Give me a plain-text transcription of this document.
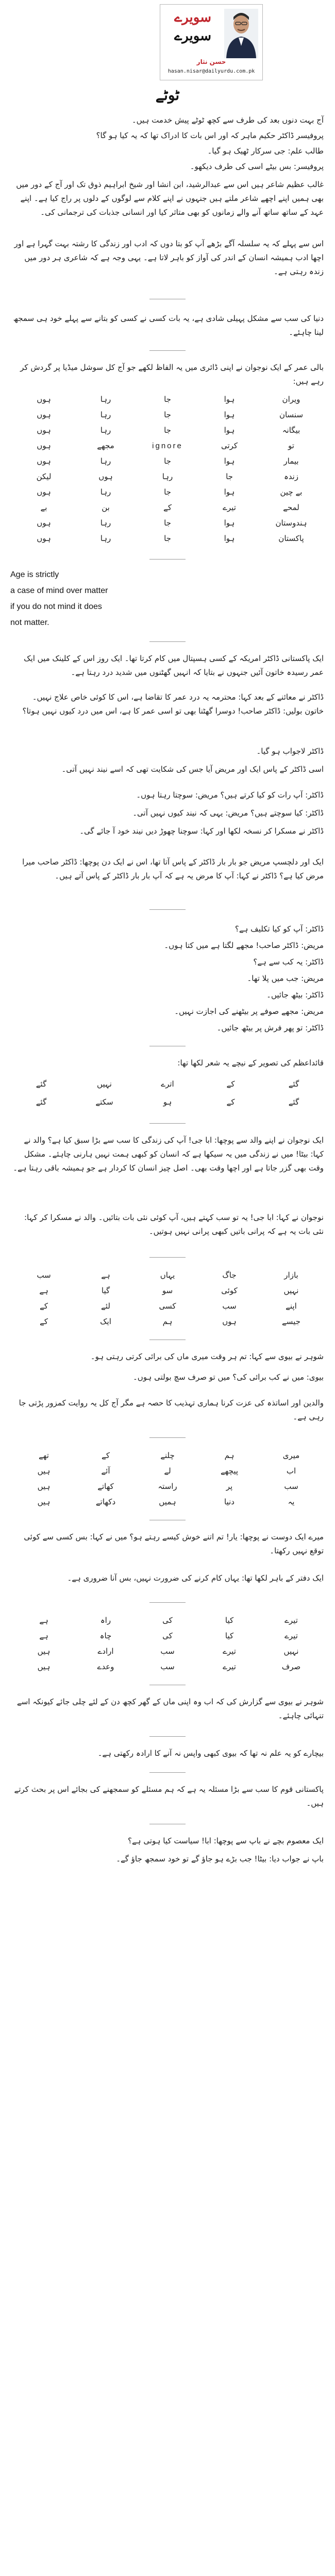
سویرے
سویرے
حسن نثار
hasan.nisar@dailyurdu.com.pk
ٹوٹے

آج بہت دنوں بعد کی طرف سے کچھ ٹوٹے پیش خدمت ہیں۔

پروفیسر ڈاکٹر حکیم ماہر کہ اور اس بات کا ادراک تھا کہ یہ کیا ہو گا؟

طالب علم: جی سرکار ٹھیک ہو گیا۔

پروفیسر: بس بیٹے اسی کی طرف دیکھو۔

غالب عظیم شاعر ہیں اس سے عبدالرشید، ابن انشا اور شیخ ابراہیم ذوق تک اور آج کے دور میں بھی ہمیں اپنے اچھے شاعر ملتے ہیں جنہوں نے اپنے کلام سے لوگوں کے دلوں پر راج کیا ہے۔ اپنے عہد کے ساتھ ساتھ آنے والے زمانوں کو بھی متاثر کیا اور انسانی جذبات کی ترجمانی کی۔

اس سے پہلے کہ یہ سلسلہ آگے بڑھے آپ کو بتا دوں کہ ادب اور زندگی کا رشتہ بہت گہرا ہے اور اچھا ادب ہمیشہ انسان کے اندر کی آواز کو باہر لاتا ہے۔ یہی وجہ ہے کہ شاعری ہر دور میں زندہ رہتی ہے۔

دنیا کی سب سے مشکل پہیلی شادی ہے، یہ بات کسی نے کسی کو بتانے سے پہلے خود ہی سمجھ لینا چاہئے۔

بالی عمر کے ایک نوجوان نے اپنی ڈائری میں یہ الفاظ لکھے جو آج کل سوشل میڈیا پر گردش کر رہے ہیں:

ویران
ہوا
جا
رہا
ہوں
سنسان
ہوا
جا
رہا
ہوں
بیگانہ
ہوا
جا
رہا
ہوں
تو
کرتی
ignore
مجھے
ہوں
بیمار
ہوا
جا
رہا
ہوں
زندہ
جا
رہا
ہوں
لیکن
بے چین
ہوا
جا
رہا
ہوں
لمحے
تیرے
کے
بن
بے
ہندوستان
ہوا
جا
رہا
ہوں
پاکستان
ہوا
جا
رہا
ہوں
Age is strictly
a case of mind over matter
if you do not mind it does
not matter.

ایک پاکستانی ڈاکٹر امریکہ کے کسی ہسپتال میں کام کرتا تھا۔ ایک روز اس کے کلینک میں ایک عمر رسیدہ خاتون آئیں جنہوں نے بتایا کہ انہیں گھٹنوں میں شدید درد رہتا ہے۔

ڈاکٹر نے معائنے کے بعد کہا: محترمہ یہ درد عمر کا تقاضا ہے، اس کا کوئی خاص علاج نہیں۔ خاتون بولیں: ڈاکٹر صاحب! دوسرا گھٹنا بھی تو اسی عمر کا ہے، اس میں درد کیوں نہیں ہوتا؟

ڈاکٹر لاجواب ہو گیا۔

اسی ڈاکٹر کے پاس ایک اور مریض آیا جس کی شکایت تھی کہ اسے نیند نہیں آتی۔

ڈاکٹر: آپ رات کو کیا کرتے ہیں؟ مریض: سوچتا رہتا ہوں۔

ڈاکٹر: کیا سوچتے ہیں؟ مریض: یہی کہ نیند کیوں نہیں آتی۔

ڈاکٹر نے مسکرا کر نسخہ لکھا اور کہا: سوچنا چھوڑ دیں نیند خود آ جائے گی۔

ایک اور دلچسپ مریض جو بار بار ڈاکٹر کے پاس آتا تھا، اس نے ایک دن پوچھا: ڈاکٹر صاحب میرا مرض کیا ہے؟ ڈاکٹر نے کہا: آپ کا مرض یہ ہے کہ آپ بار بار ڈاکٹر کے پاس آتے ہیں۔

ڈاکٹر: آپ کو کیا تکلیف ہے؟

مریض: ڈاکٹر صاحب! مجھے لگتا ہے میں کتا ہوں۔

ڈاکٹر: یہ کب سے ہے؟

مریض: جب میں پلا تھا۔

ڈاکٹر: بیٹھ جائیں۔

مریض: مجھے صوفے پر بیٹھنے کی اجازت نہیں۔

ڈاکٹر: تو پھر فرش پر بیٹھ جائیں۔

قائداعظم کی تصویر کے نیچے یہ شعر لکھا تھا:

گئے
کے
اترے
نہیں
گئے
گئے
کے
ہو
سکتے
گئے

ایک نوجوان نے اپنے والد سے پوچھا: ابا جی! آپ کی زندگی کا سب سے بڑا سبق کیا ہے؟ والد نے کہا: بیٹا! میں نے زندگی میں یہ سیکھا ہے کہ انسان کو کبھی ہمت نہیں ہارنی چاہئے۔ مشکل وقت بھی گزر جاتا ہے اور اچھا وقت بھی۔ اصل چیز انسان کا کردار ہے جو ہمیشہ باقی رہتا ہے۔

نوجوان نے کہا: ابا جی! یہ تو سب کہتے ہیں، آپ کوئی نئی بات بتائیں۔ والد نے مسکرا کر کہا: نئی بات یہ ہے کہ پرانی باتیں کبھی پرانی نہیں ہوتیں۔

بازار
جاگ
یہاں
ہے
سب
نہیں
کوئی
سو
گیا
ہے
اپنے
سب
کسی
لئے
کے
جیسے
ہوں
ہم
ایک
کے

شوہر نے بیوی سے کہا: تم ہر وقت میری ماں کی برائی کرتی رہتی ہو۔

بیوی: میں نے کب برائی کی؟ میں تو صرف سچ بولتی ہوں۔

والدین اور اساتذہ کی عزت کرنا ہماری تہذیب کا حصہ ہے مگر آج کل یہ روایت کمزور پڑتی جا رہی ہے۔

میری
ہم
چلنے
کے
تھے
اب
پیچھے
لے
آئے
ہیں
سب
پر
راستہ
کھاتے
ہیں
یہ
دنیا
ہمیں
دکھاتے
ہیں

میرے ایک دوست نے پوچھا: یار! تم اتنے خوش کیسے رہتے ہو؟ میں نے کہا: بس کسی سے کوئی توقع نہیں رکھتا۔

ایک دفتر کے باہر لکھا تھا: یہاں کام کرنے کی ضرورت نہیں، بس آنا ضروری ہے۔

تیرے
کیا
کی
راہ
ہے
تیرے
کیا
کی
چاہ
ہے
نہیں
تیرے
سب
ارادے
ہیں
صرف
تیرے
سب
وعدے
ہیں

شوہر نے بیوی سے گزارش کی کہ اب وہ اپنی ماں کے گھر کچھ دن کے لئے چلی جائے کیونکہ اسے تنہائی چاہئے۔

بیچارے کو یہ علم نہ تھا کہ بیوی کبھی واپس نہ آنے کا ارادہ رکھتی ہے۔

پاکستانی قوم کا سب سے بڑا مسئلہ یہ ہے کہ ہم مسئلے کو سمجھنے کی بجائے اس پر بحث کرتے ہیں۔

ایک معصوم بچے نے باپ سے پوچھا: ابا! سیاست کیا ہوتی ہے؟

باپ نے جواب دیا: بیٹا! جب بڑے ہو جاؤ گے تو خود سمجھ جاؤ گے۔
